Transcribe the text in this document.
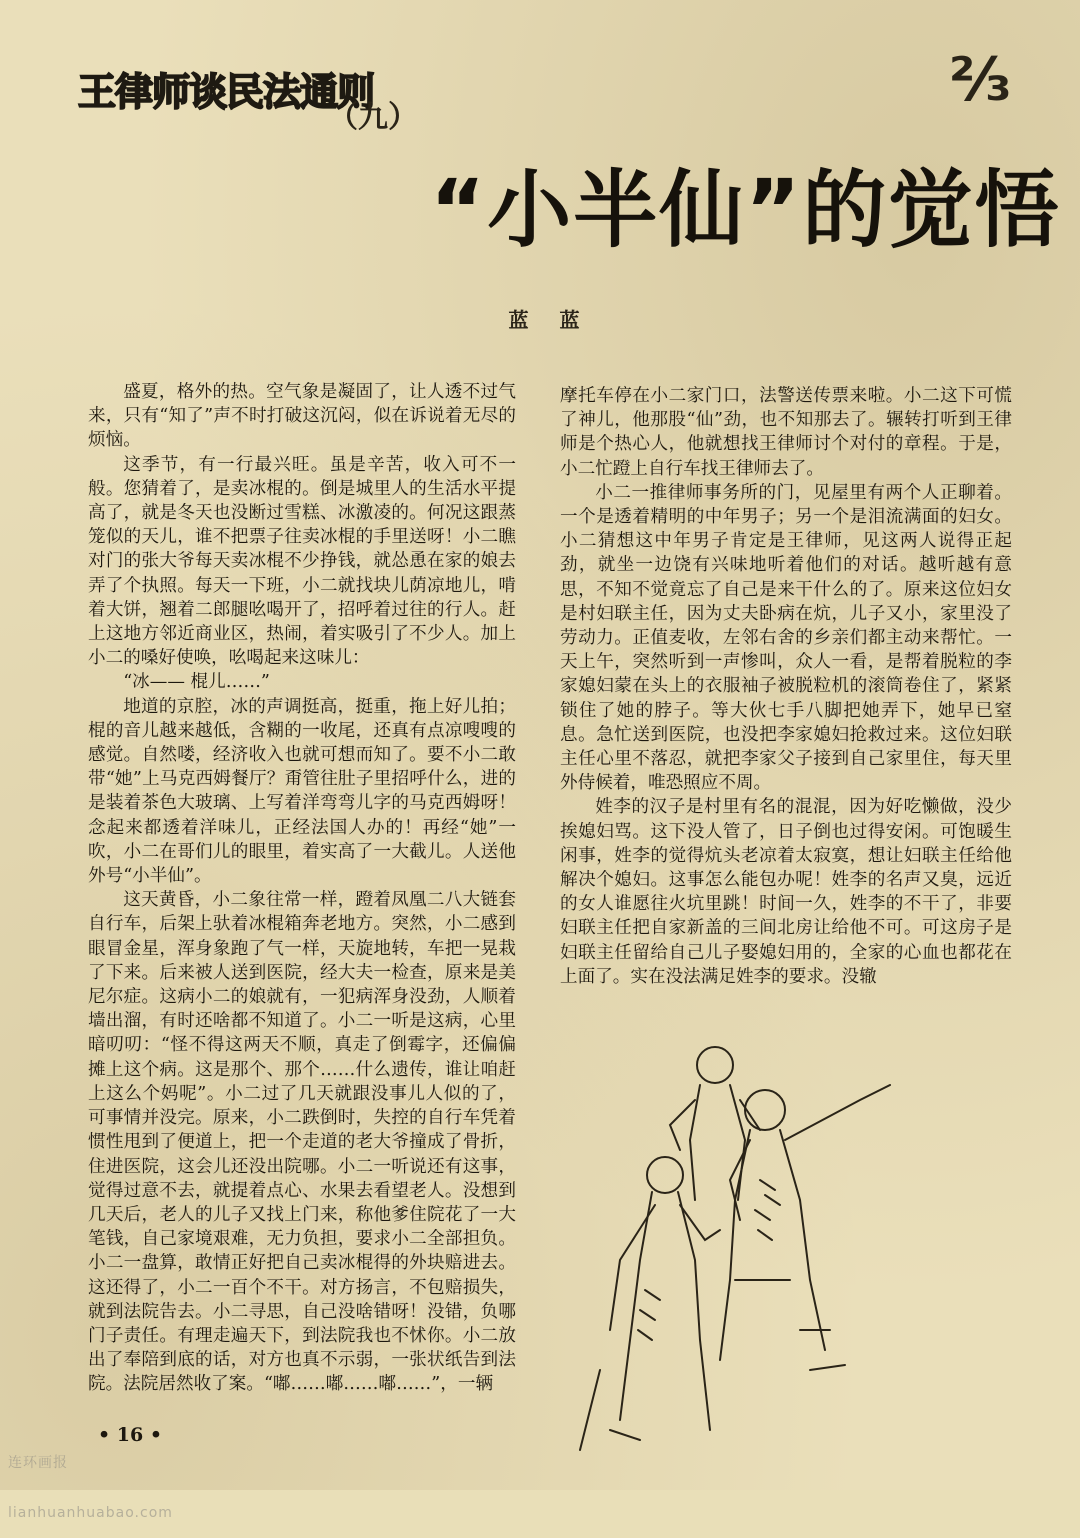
王律师谈民法通则
（九）
⅔
“小半仙”的觉悟
蓝 蓝

盛夏，格外的热。空气象是凝固了，让人透不过气来，只有“知了”声不时打破这沉闷，似在诉说着无尽的烦恼。

这季节，有一行最兴旺。虽是辛苦，收入可不一般。您猜着了，是卖冰棍的。倒是城里人的生活水平提高了，就是冬天也没断过雪糕、冰激凌的。何况这跟蒸笼似的天儿，谁不把票子往卖冰棍的手里送呀！小二瞧对门的张大爷每天卖冰棍不少挣钱，就怂恿在家的娘去弄了个执照。每天一下班，小二就找块儿荫凉地儿，啃着大饼，翘着二郎腿吆喝开了，招呼着过往的行人。赶上这地方邻近商业区，热闹，着实吸引了不少人。加上小二的嗓好使唤，吆喝起来这味儿：

“冰—— 棍儿……”

地道的京腔，冰的声调挺高，挺重，拖上好儿拍；棍的音儿越来越低，含糊的一收尾，还真有点凉嗖嗖的感觉。自然喽，经济收入也就可想而知了。要不小二敢带“她”上马克西姆餐厅？甭管往肚子里招呼什么，进的是装着茶色大玻璃、上写着洋弯弯儿字的马克西姆呀！念起来都透着洋味儿，正经法国人办的！再经“她”一吹，小二在哥们儿的眼里，着实高了一大截儿。人送他外号“小半仙”。

这天黄昏，小二象往常一样，蹬着凤凰二八大链套自行车，后架上驮着冰棍箱奔老地方。突然，小二感到眼冒金星，浑身象跑了气一样，天旋地转，车把一晃栽了下来。后来被人送到医院，经大夫一检查，原来是美尼尔症。这病小二的娘就有，一犯病浑身没劲，人顺着墙出溜，有时还啥都不知道了。小二一听是这病，心里暗叨叨：“怪不得这两天不顺，真走了倒霉字，还偏偏摊上这个病。这是那个、那个……什么遗传，谁让咱赶上这么个妈呢”。小二过了几天就跟没事儿人似的了，可事情并没完。原来，小二跌倒时，失控的自行车凭着惯性甩到了便道上，把一个走道的老大爷撞成了骨折，住进医院，这会儿还没出院哪。小二一听说还有这事，觉得过意不去，就提着点心、水果去看望老人。没想到几天后，老人的儿子又找上门来，称他爹住院花了一大笔钱，自己家境艰难，无力负担，要求小二全部担负。小二一盘算，敢情正好把自己卖冰棍得的外块赔进去。这还得了，小二一百个不干。对方扬言，不包赔损失，就到法院告去。小二寻思，自己没啥错呀！没错，负哪门子责任。有理走遍天下，到法院我也不怵你。小二放出了奉陪到底的话，对方也真不示弱，一张状纸告到法院。法院居然收了案。“嘟……嘟……嘟……”，一辆

摩托车停在小二家门口，法警送传票来啦。小二这下可慌了神儿，他那股“仙”劲，也不知那去了。辗转打听到王律师是个热心人，他就想找王律师讨个对付的章程。于是，小二忙蹬上自行车找王律师去了。

小二一推律师事务所的门，见屋里有两个人正聊着。一个是透着精明的中年男子；另一个是泪流满面的妇女。小二猜想这中年男子肯定是王律师，见这两人说得正起劲，就坐一边饶有兴味地听着他们的对话。越听越有意思，不知不觉竟忘了自己是来干什么的了。原来这位妇女是村妇联主任，因为丈夫卧病在炕，儿子又小，家里没了劳动力。正值麦收，左邻右舍的乡亲们都主动来帮忙。一天上午，突然听到一声惨叫，众人一看，是帮着脱粒的李家媳妇蒙在头上的衣服袖子被脱粒机的滚筒卷住了，紧紧锁住了她的脖子。等大伙七手八脚把她弄下，她早已窒息。急忙送到医院，也没把李家媳妇抢救过来。这位妇联主任心里不落忍，就把李家父子接到自己家里住，每天里外侍候着，唯恐照应不周。

姓李的汉子是村里有名的混混，因为好吃懒做，没少挨媳妇骂。这下没人管了，日子倒也过得安闲。可饱暖生闲事，姓李的觉得炕头老凉着太寂寞，想让妇联主任给他解决个媳妇。这事怎么能包办呢！姓李的名声又臭，远近的女人谁愿往火坑里跳！时间一久，姓李的不干了，非要妇联主任把自家新盖的三间北房让给他不可。可这房子是妇联主任留给自己儿子娶媳妇用的，全家的心血也都花在上面了。实在没法满足姓李的要求。没辙

• 16 •
连环画报 lianhuanhuabao.com
